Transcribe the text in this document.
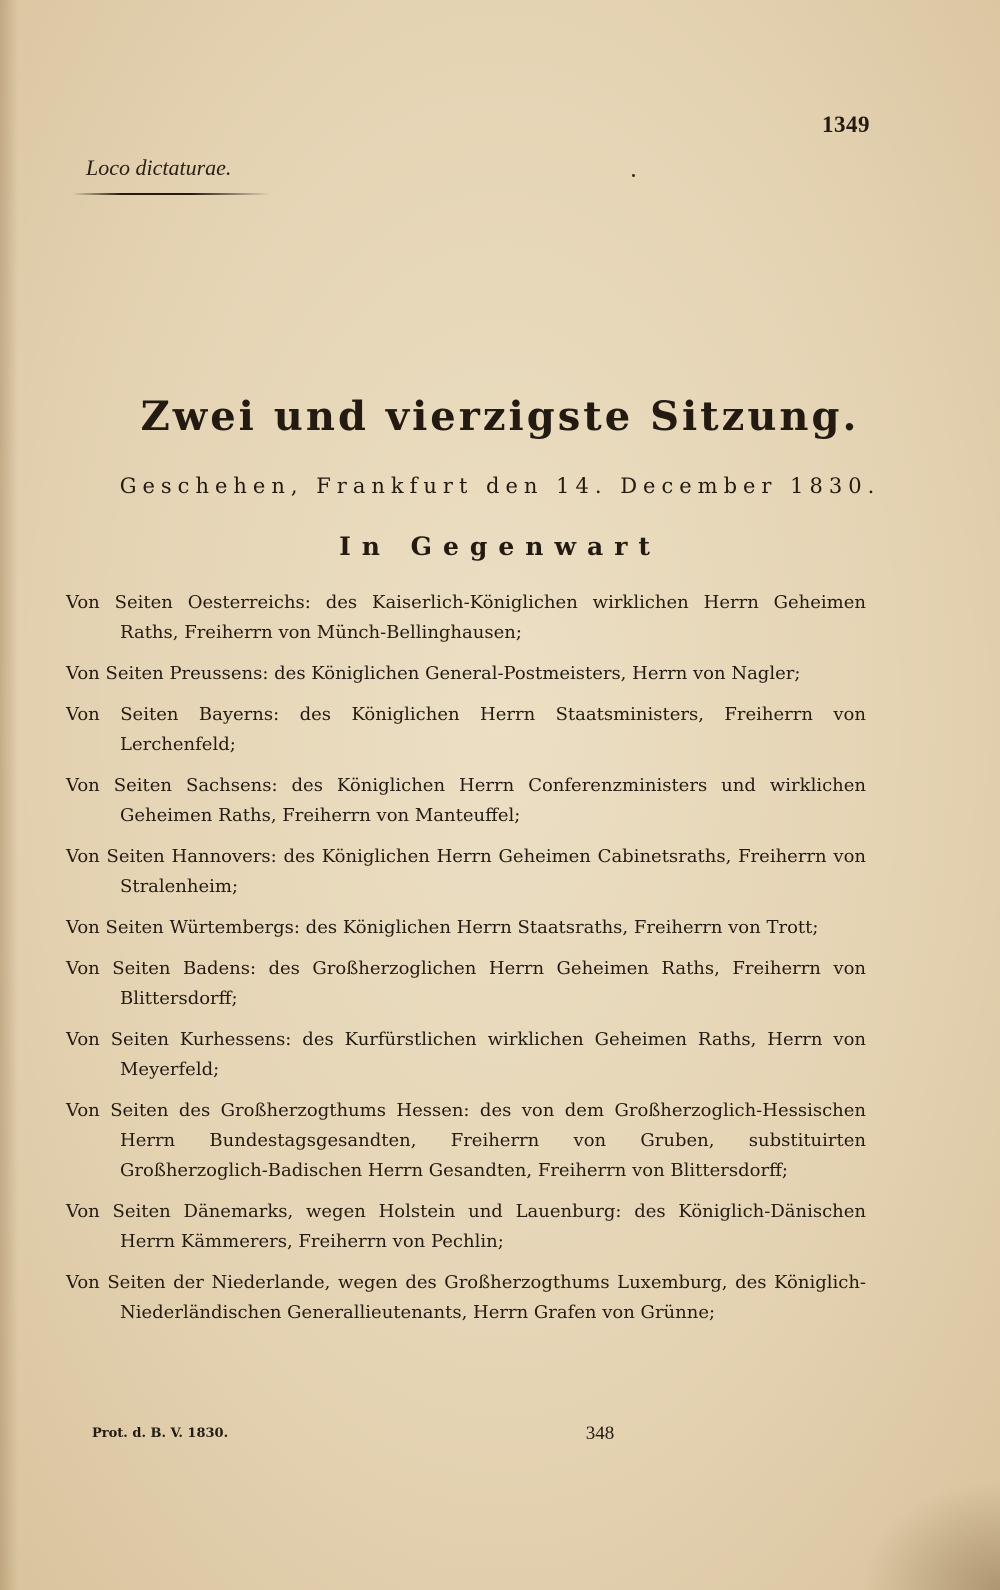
1349
Loco dictaturae.
Zwei und vierzigste Sitzung.
Geschehen, Frankfurt den 14. December 1830.
In Gegenwart
Von Seiten Oesterreichs: des Kaiserlich-Königlichen wirklichen Herrn Geheimen Raths, Freiherrn von Münch-Bellinghausen;
Von Seiten Preussens: des Königlichen General-Postmeisters, Herrn von Nagler;
Von Seiten Bayerns: des Königlichen Herrn Staatsministers, Freiherrn von Lerchenfeld;
Von Seiten Sachsens: des Königlichen Herrn Conferenzministers und wirklichen Geheimen Raths, Freiherrn von Manteuffel;
Von Seiten Hannovers: des Königlichen Herrn Geheimen Cabinetsraths, Freiherrn von Stralenheim;
Von Seiten Würtembergs: des Königlichen Herrn Staatsraths, Freiherrn von Trott;
Von Seiten Badens: des Großherzoglichen Herrn Geheimen Raths, Freiherrn von Blittersdorff;
Von Seiten Kurhessens: des Kurfürstlichen wirklichen Geheimen Raths, Herrn von Meyerfeld;
Von Seiten des Großherzogthums Hessen: des von dem Großherzoglich-Hessischen Herrn Bundestagsgesandten, Freiherrn von Gruben, substituirten Großherzoglich-Badischen Herrn Gesandten, Freiherrn von Blittersdorff;
Von Seiten Dänemarks, wegen Holstein und Lauenburg: des Königlich-Dänischen Herrn Kämmerers, Freiherrn von Pechlin;
Von Seiten der Niederlande, wegen des Großherzogthums Luxemburg, des Königlich-Niederländischen Generallieutenants, Herrn Grafen von Grünne;
Prot. d. B. V. 1830.	348
